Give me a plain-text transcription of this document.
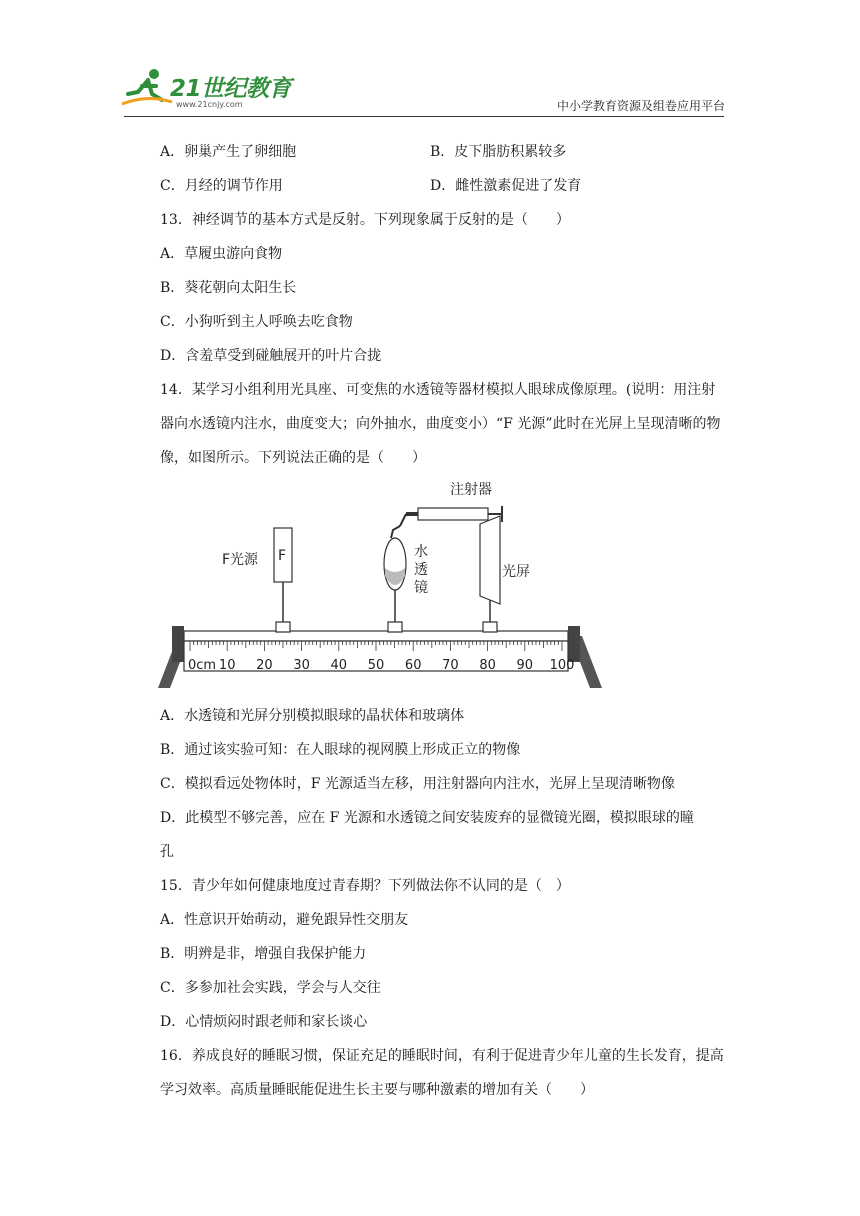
21世纪教育
www.21cnjy.com	中小学教育资源及组卷应用平台
A．卵巢产生了卵细胞	B．皮下脂肪积累较多
C．月经的调节作用	D．雌性激素促进了发育
13．神经调节的基本方式是反射。下列现象属于反射的是（　　）
A．草履虫游向食物
B．葵花朝向太阳生长
C．小狗听到主人呼唤去吃食物
D．含羞草受到碰触展开的叶片合拢
14．某学习小组利用光具座、可变焦的水透镜等器材模拟人眼球成像原理。(说明：用注射
器向水透镜内注水，曲度变大；向外抽水，曲度变小）“F 光源”此时在光屏上呈现清晰的物
像，如图所示。下列说法正确的是（　　）
0cm 10 20 30 40 50 60 70 80 90 100
F
F光源	水
透
镜
注射器
光屏
A．水透镜和光屏分别模拟眼球的晶状体和玻璃体
B．通过该实验可知：在人眼球的视网膜上形成正立的物像
C．模拟看远处物体时，F 光源适当左移，用注射器向内注水，光屏上呈现清晰物像
D．此模型不够完善，应在 F 光源和水透镜之间安装废弃的显微镜光圈，模拟眼球的瞳
孔
15．青少年如何健康地度过青春期？下列做法你不认同的是（　）
A．性意识开始萌动，避免跟异性交朋友
B．明辨是非，增强自我保护能力
C．多参加社会实践，学会与人交往
D．心情烦闷时跟老师和家长谈心
16．养成良好的睡眠习惯，保证充足的睡眠时间，有利于促进青少年儿童的生长发育，提高
学习效率。高质量睡眠能促进生长主要与哪种激素的增加有关（　　）
